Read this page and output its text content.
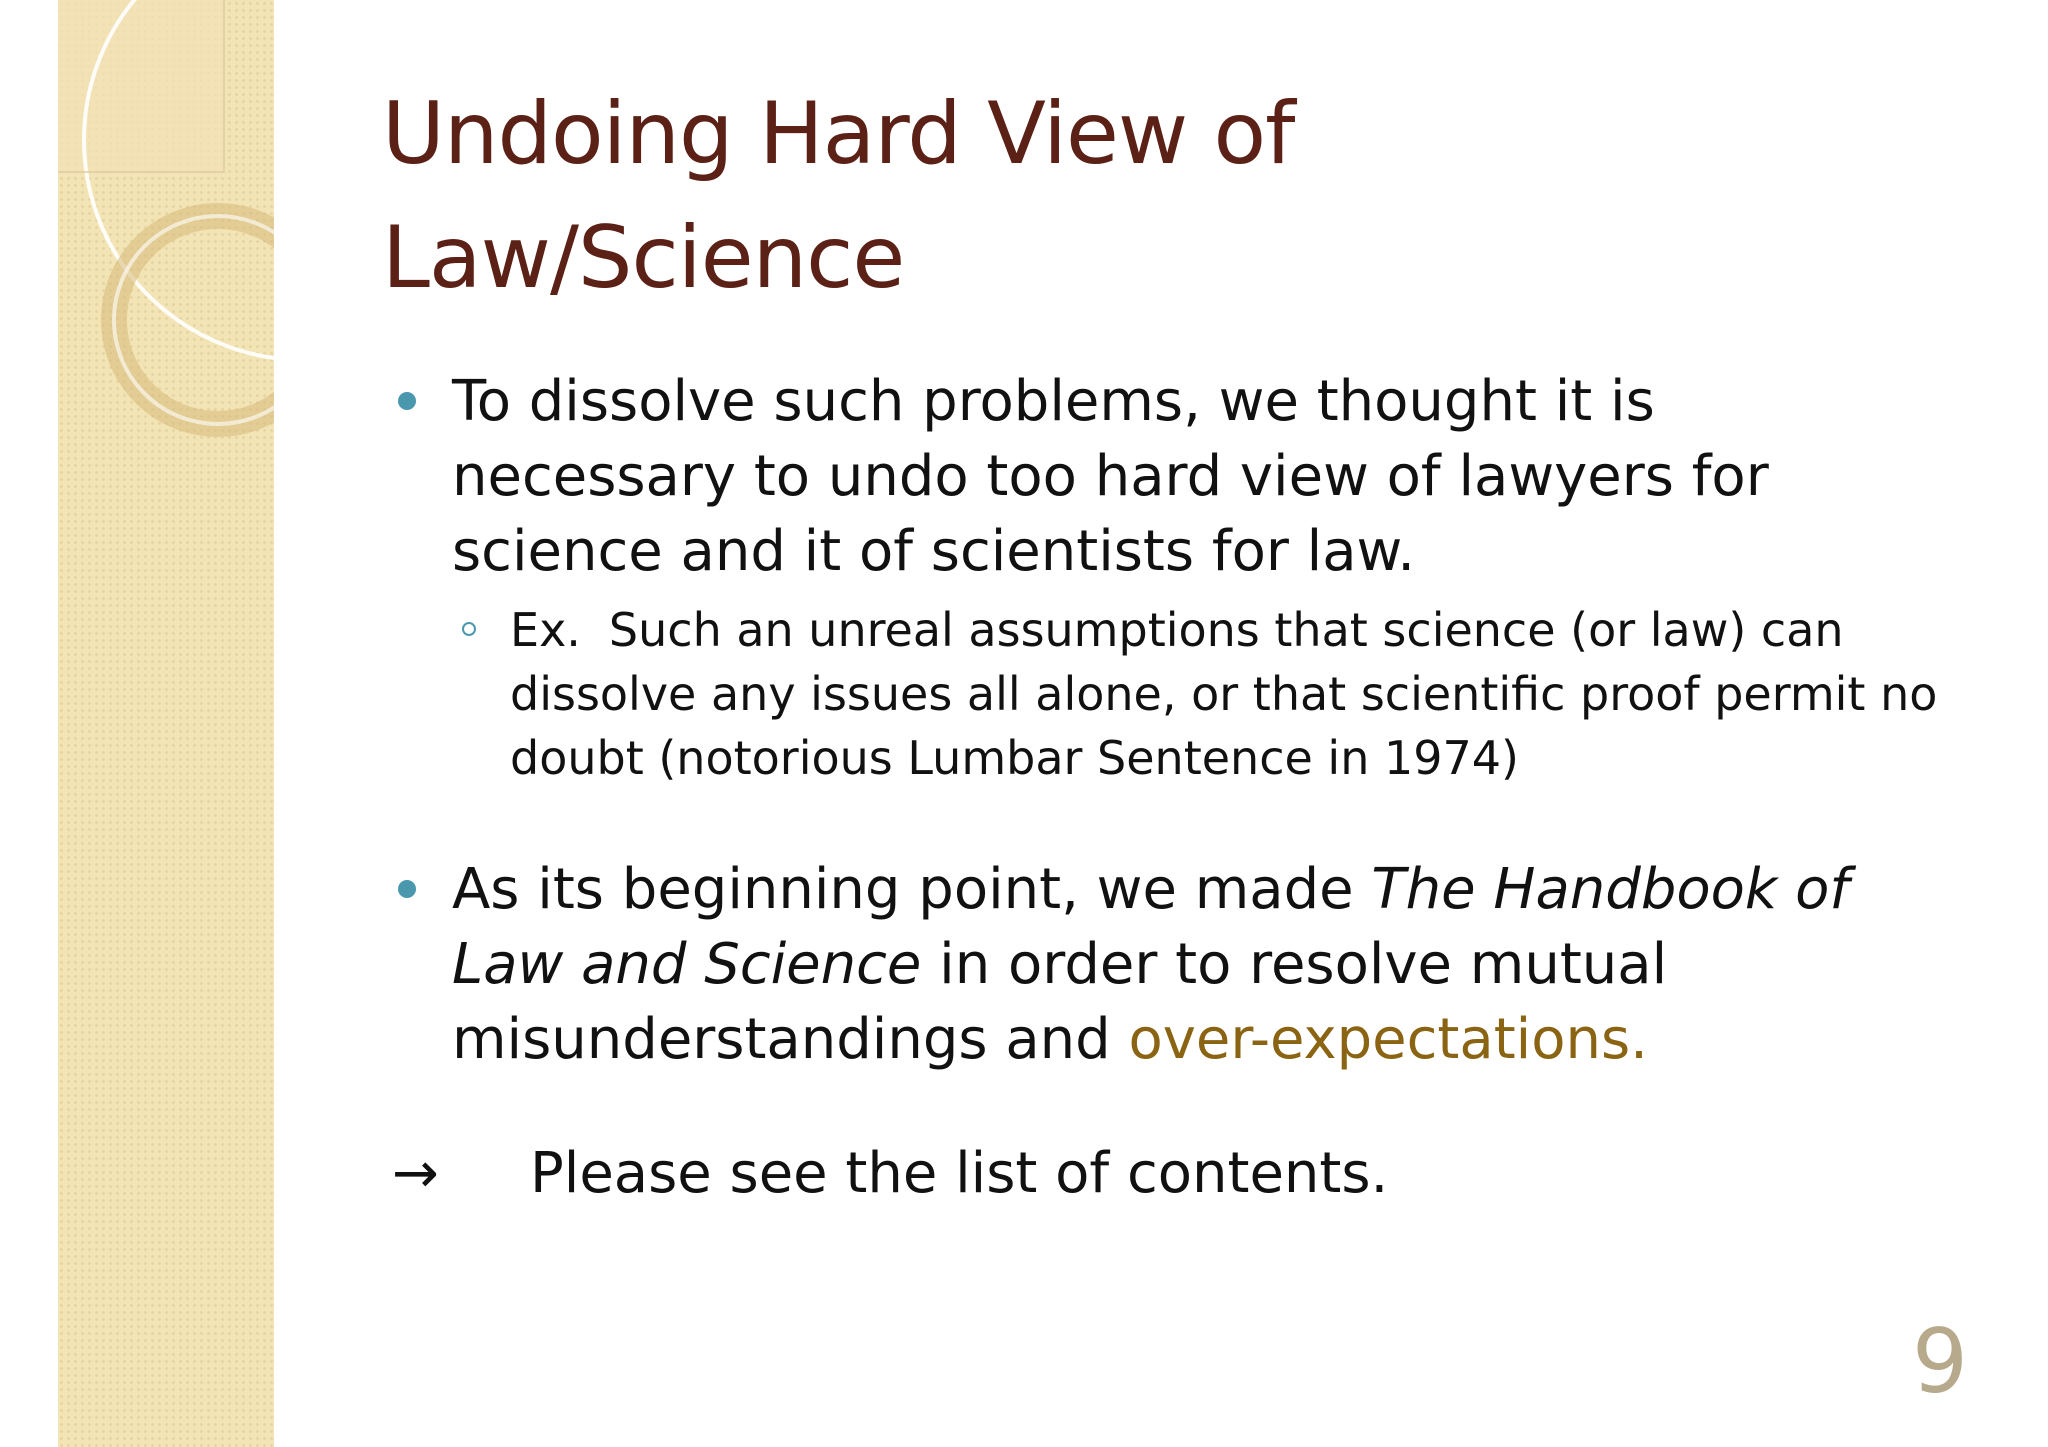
Undoing Hard View of
Law/Science

To dissolve such problems, we thought it is necessary to undo too hard view of lawyers for science and it of scientists for law.

Ex. Such an unreal assumptions that science (or law) can dissolve any issues all alone, or that scientific proof permit no doubt (notorious Lumbar Sentence in 1974)

As its beginning point, we made The Handbook of Law and Science in order to resolve mutual misunderstandings and over-expectations.

→ Please see the list of contents.
9
